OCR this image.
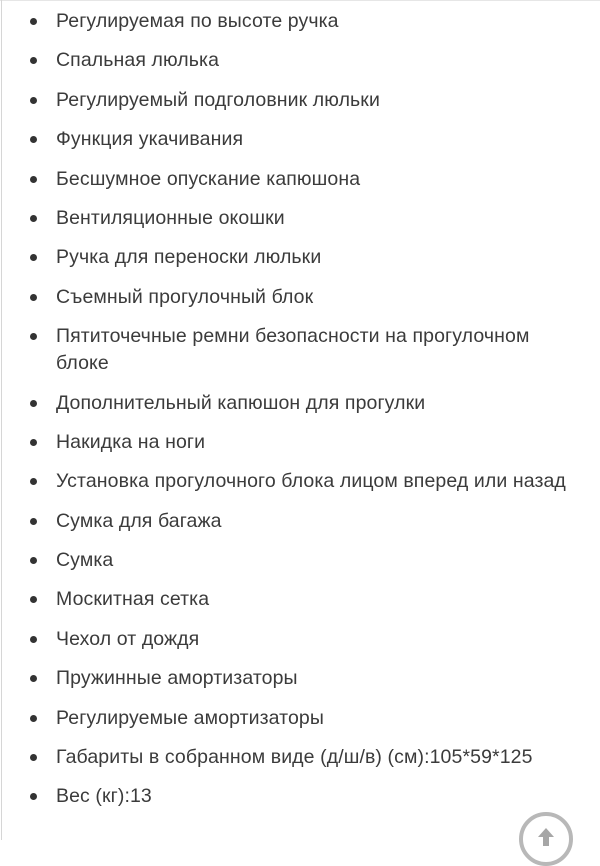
Регулируемая по высоте ручка
Спальная люлька
Регулируемый подголовник люльки
Функция укачивания
Бесшумное опускание капюшона
Вентиляционные окошки
Ручка для переноски люльки
Съемный прогулочный блок
Пятиточечные ремни безопасности на прогулочном блоке
Дополнительный капюшон для прогулки
Накидка на ноги
Установка прогулочного блока лицом вперед или назад
Сумка для багажа
Сумка
Москитная сетка
Чехол от дождя
Пружинные амортизаторы
Регулируемые амортизаторы
Габариты в собранном виде (д/ш/в) (см):105*59*125
Вес (кг):13
